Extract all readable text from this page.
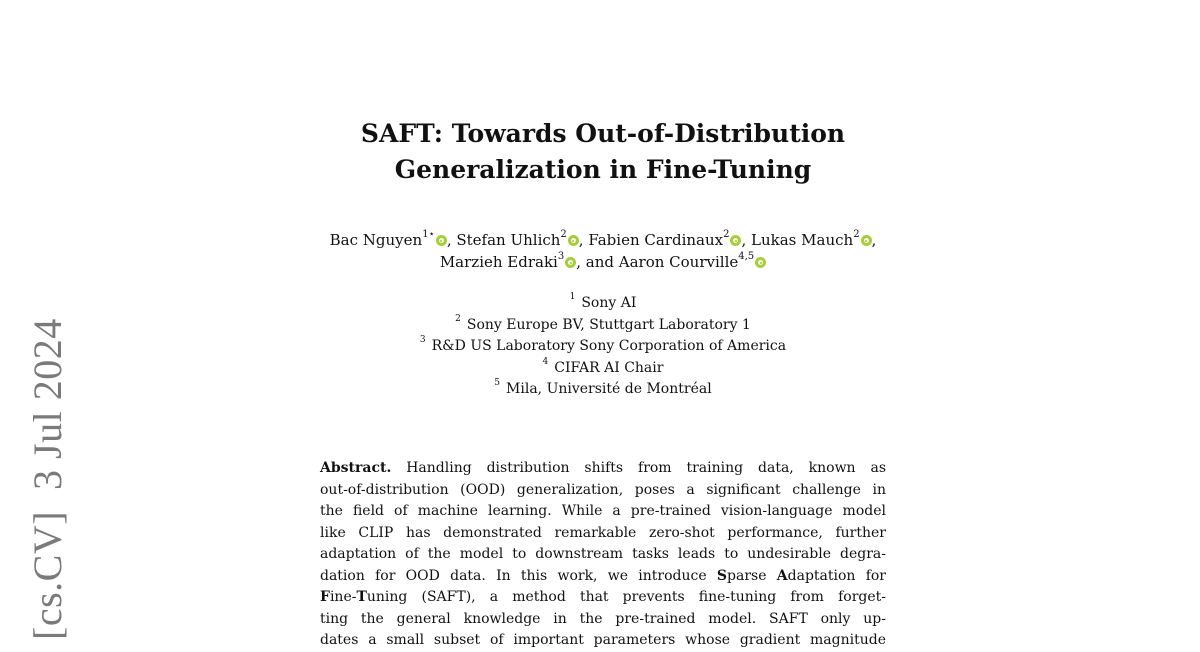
[cs.CV]  3 Jul 2024
SAFT: Towards Out-of-Distribution
Generalization in Fine-Tuning
Bac Nguyen$^{1⋆}$ , Stefan Uhlich$^2$ , Fabien Cardinaux$^2$ , Lukas Mauch$^2$ ,
Marzieh Edraki$^3$ , and Aaron Courville$^{4,5}$
$^1$ Sony AI
$^2$ Sony Europe BV, Stuttgart Laboratory 1
$^3$ R&D US Laboratory Sony Corporation of America
$^4$ CIFAR AI Chair
$^5$ Mila, Université de Montréal
Abstract. Handling distribution shifts from training data, known as
out-of-distribution (OOD) generalization, poses a significant challenge in
the field of machine learning. While a pre-trained vision-language model
like CLIP has demonstrated remarkable zero-shot performance, further
adaptation of the model to downstream tasks leads to undesirable degra-
dation for OOD data. In this work, we introduce Sparse Adaptation for
Fine-Tuning (SAFT), a method that prevents fine-tuning from forget-
ting the general knowledge in the pre-trained model. SAFT only up-
dates a small subset of important parameters whose gradient magnitude
